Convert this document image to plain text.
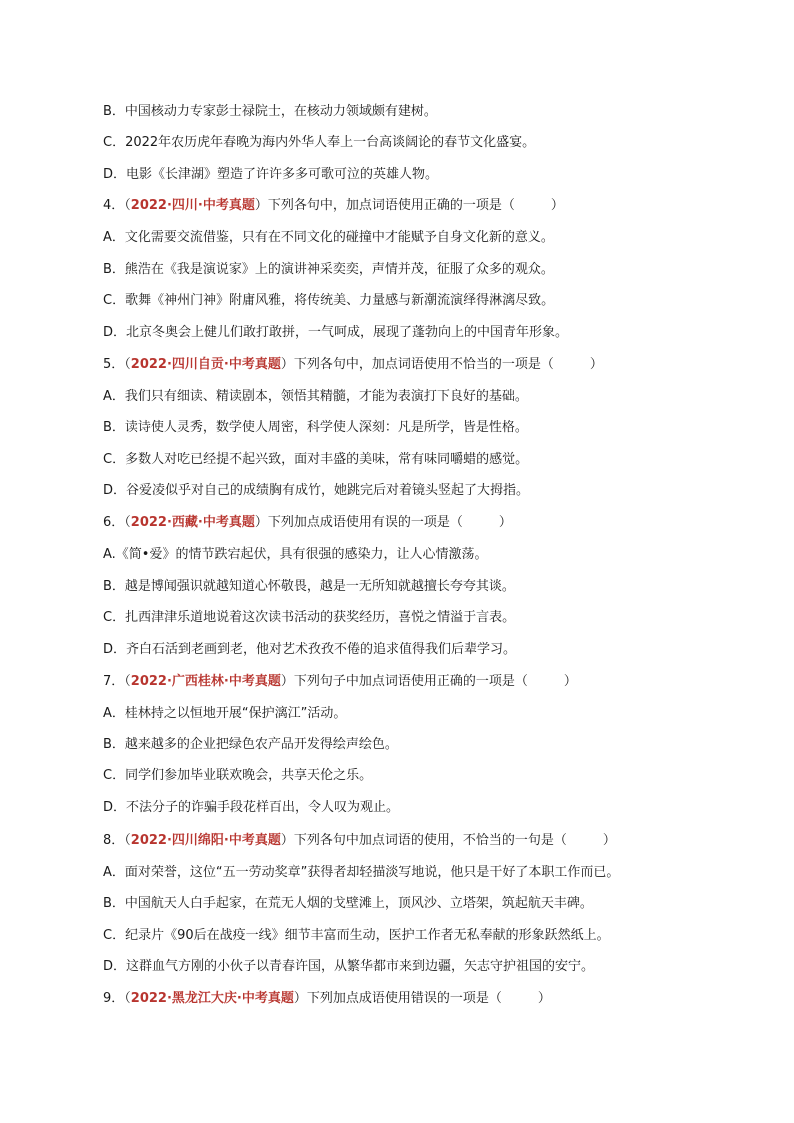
B．中国核动力专家彭士禄院士，在核动力领域颇有建树。
C．2022年农历虎年春晚为海内外华人奉上一台高谈阔论的春节文化盛宴。
D．电影《长津湖》塑造了许许多多可歌可泣的英雄人物。
4．（2022·四川·中考真题）下列各句中，加点词语使用正确的一项是（	）
A．文化需要交流借鉴，只有在不同文化的碰撞中才能赋予自身文化新的意义。
B．熊浩在《我是演说家》上的演讲神采奕奕，声情并茂，征服了众多的观众。
C．歌舞《神州门神》附庸风雅，将传统美、力量感与新潮流演绎得淋漓尽致。
D．北京冬奥会上健儿们敢打敢拼，一气呵成，展现了蓬勃向上的中国青年形象。
5．（2022·四川自贡·中考真题）下列各句中，加点词语使用不恰当的一项是（	）
A．我们只有细读、精读剧本，领悟其精髓，才能为表演打下良好的基础。
B．读诗使人灵秀，数学使人周密，科学使人深刻：凡是所学，皆是性格。
C．多数人对吃已经提不起兴致，面对丰盛的美味，常有味同嚼蜡的感觉。
D．谷爱凌似乎对自己的成绩胸有成竹，她跳完后对着镜头竖起了大拇指。
6．（2022·西藏·中考真题）下列加点成语使用有误的一项是（	）
A.《简•爱》的情节跌宕起伏，具有很强的感染力，让人心情激荡。
B．越是博闻强识就越知道心怀敬畏，越是一无所知就越擅长夸夸其谈。
C．扎西津津乐道地说着这次读书活动的获奖经历，喜悦之情溢于言表。
D．齐白石活到老画到老，他对艺术孜孜不倦的追求值得我们后辈学习。
7．（2022·广西桂林·中考真题）下列句子中加点词语使用正确的一项是（	）
A．桂林持之以恒地开展“保护漓江”活动。
B．越来越多的企业把绿色农产品开发得绘声绘色。
C．同学们参加毕业联欢晚会，共享天伦之乐。
D．不法分子的诈骗手段花样百出，令人叹为观止。
8．（2022·四川绵阳·中考真题）下列各句中加点词语的使用，不恰当的一句是（	）
A．面对荣誉，这位“五一劳动奖章”获得者却轻描淡写地说，他只是干好了本职工作而已。
B．中国航天人白手起家，在荒无人烟的戈壁滩上，顶风沙、立塔架，筑起航天丰碑。
C．纪录片《90后在战疫一线》细节丰富而生动，医护工作者无私奉献的形象跃然纸上。
D．这群血气方刚的小伙子以青春许国，从繁华都市来到边疆，矢志守护祖国的安宁。
9．（2022·黑龙江大庆·中考真题）下列加点成语使用错误的一项是（	）
